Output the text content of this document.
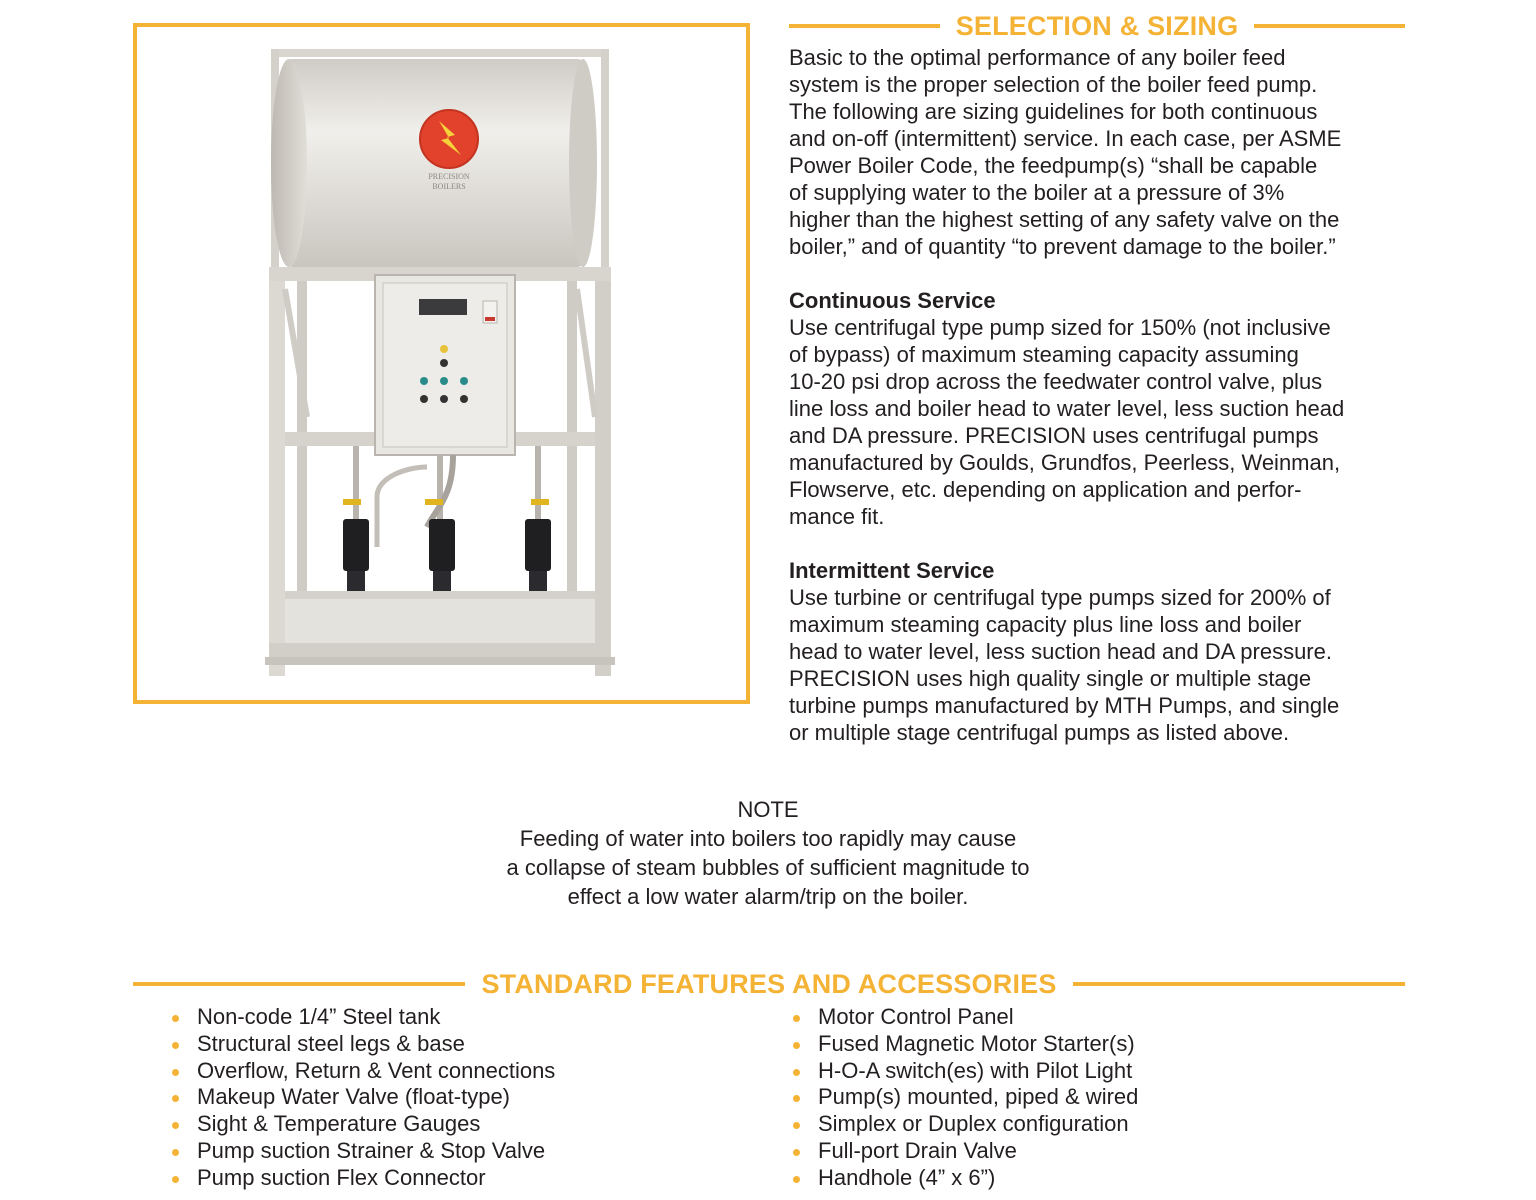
PRECISION
BOILERS
SELECTION & SIZING

Basic to the optimal performance of any boiler feed
system is the proper selection of the boiler feed pump.
The following are sizing guidelines for both continuous
and on-off (intermittent) service. In each case, per ASME
Power Boiler Code, the feedpump(s) “shall be capable
of supplying water to the boiler at a pressure of 3%
higher than the highest setting of any safety valve on the
boiler,” and of quantity “to prevent damage to the boiler.”

Continuous Service

Use centrifugal type pump sized for 150% (not inclusive
of bypass) of maximum steaming capacity assuming
10-20 psi drop across the feedwater control valve, plus
line loss and boiler head to water level, less suction head
and DA pressure. PRECISION uses centrifugal pumps
manufactured by Goulds, Grundfos, Peerless, Weinman,
Flowserve, etc. depending on application and perfor-
mance fit.

Intermittent Service

Use turbine or centrifugal type pumps sized for 200% of
maximum steaming capacity plus line loss and boiler
head to water level, less suction head and DA pressure.
PRECISION uses high quality single or multiple stage
turbine pumps manufactured by MTH Pumps, and single
or multiple stage centrifugal pumps as listed above.

NOTE

Feeding of water into boilers too rapidly may cause
a collapse of steam bubbles of sufficient magnitude to
effect a low water alarm/trip on the boiler.

STANDARD FEATURES AND ACCESSORIES
Non-code 1/4” Steel tank
Structural steel legs & base
Overflow, Return & Vent connections
Makeup Water Valve (float-type)
Sight & Temperature Gauges
Pump suction Strainer & Stop Valve
Pump suction Flex Connector
Motor Control Panel
Fused Magnetic Motor Starter(s)
H-O-A switch(es) with Pilot Light
Pump(s) mounted, piped & wired
Simplex or Duplex configuration
Full-port Drain Valve
Handhole (4” x 6”)
